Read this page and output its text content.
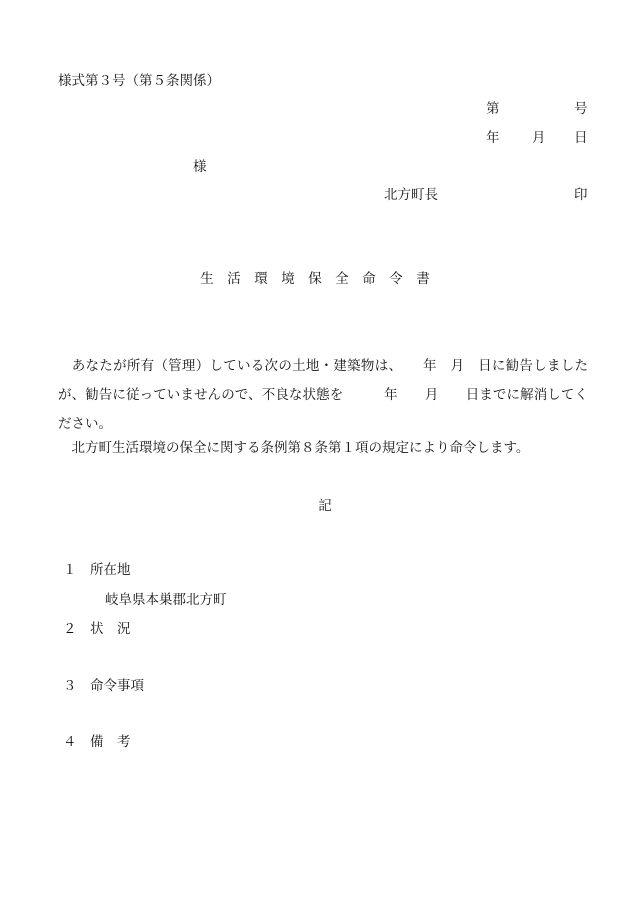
様式第３号（第５条関係）
第	号
年 月 日
様
北方町長	印
生　活　環　境　保　全　命　令　書
　あなたが所有（管理）している次の土地・建築物は、　　年　月　日に勧告しましたが、勧告に従っていませんので、不良な状態を　　　年　　月　　日までに解消してください。
　北方町生活環境の保全に関する条例第８条第１項の規定により命令します。
記
１ 所在地
岐阜県本巣郡北方町
２ 状　況
３ 命令事項
４ 備　考
